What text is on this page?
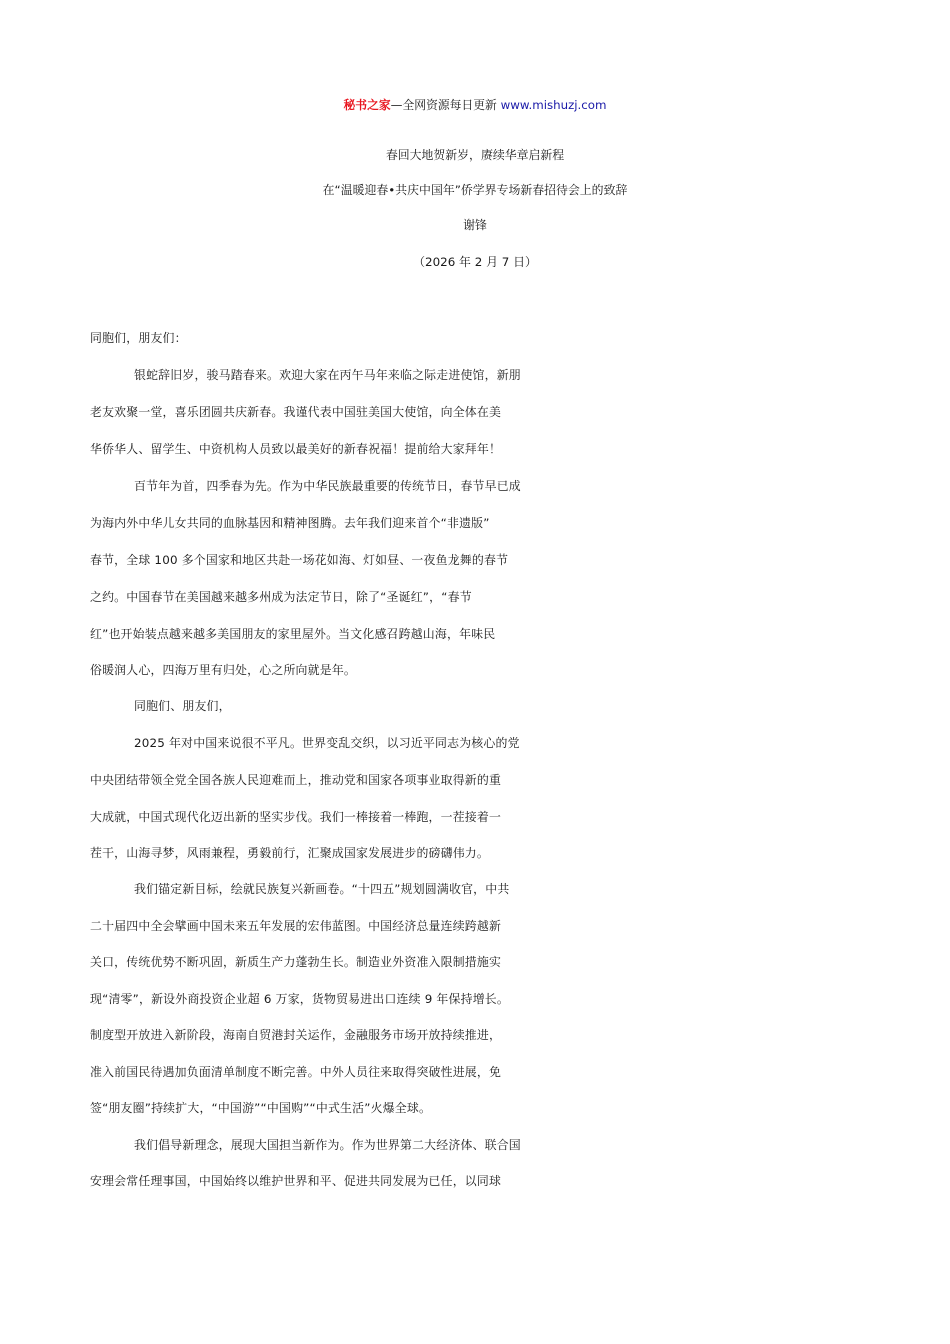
秘书之家—全网资源每日更新 www.mishuzj.com
春回大地贺新岁，赓续华章启新程
在“温暖迎春•共庆中国年”侨学界专场新春招待会上的致辞
谢锋
（2026 年 2 月 7 日）
同胞们，朋友们：
银蛇辞旧岁，骏马踏春来。欢迎大家在丙午马年来临之际走进使馆，新朋
老友欢聚一堂，喜乐团圆共庆新春。我谨代表中国驻美国大使馆，向全体在美
华侨华人、留学生、中资机构人员致以最美好的新春祝福！提前给大家拜年！
百节年为首，四季春为先。作为中华民族最重要的传统节日，春节早已成
为海内外中华儿女共同的血脉基因和精神图腾。去年我们迎来首个“非遗版”
春节，全球 100 多个国家和地区共赴一场花如海、灯如昼、一夜鱼龙舞的春节
之约。中国春节在美国越来越多州成为法定节日，除了“圣诞红”，“春节
红”也开始装点越来越多美国朋友的家里屋外。当文化感召跨越山海，年味民
俗暖润人心，四海万里有归处，心之所向就是年。
同胞们、朋友们，
2025 年对中国来说很不平凡。世界变乱交织，以习近平同志为核心的党
中央团结带领全党全国各族人民迎难而上，推动党和国家各项事业取得新的重
大成就，中国式现代化迈出新的坚实步伐。我们一棒接着一棒跑，一茬接着一
茬干，山海寻梦，风雨兼程，勇毅前行，汇聚成国家发展进步的磅礴伟力。
我们锚定新目标，绘就民族复兴新画卷。“十四五”规划圆满收官，中共
二十届四中全会擘画中国未来五年发展的宏伟蓝图。中国经济总量连续跨越新
关口，传统优势不断巩固，新质生产力蓬勃生长。制造业外资准入限制措施实
现“清零”，新设外商投资企业超 6 万家，货物贸易进出口连续 9 年保持增长。
制度型开放进入新阶段，海南自贸港封关运作，金融服务市场开放持续推进，
准入前国民待遇加负面清单制度不断完善。中外人员往来取得突破性进展，免
签“朋友圈”持续扩大，“中国游”“中国购”“中式生活”火爆全球。
我们倡导新理念，展现大国担当新作为。作为世界第二大经济体、联合国
安理会常任理事国，中国始终以维护世界和平、促进共同发展为已任，以同球
